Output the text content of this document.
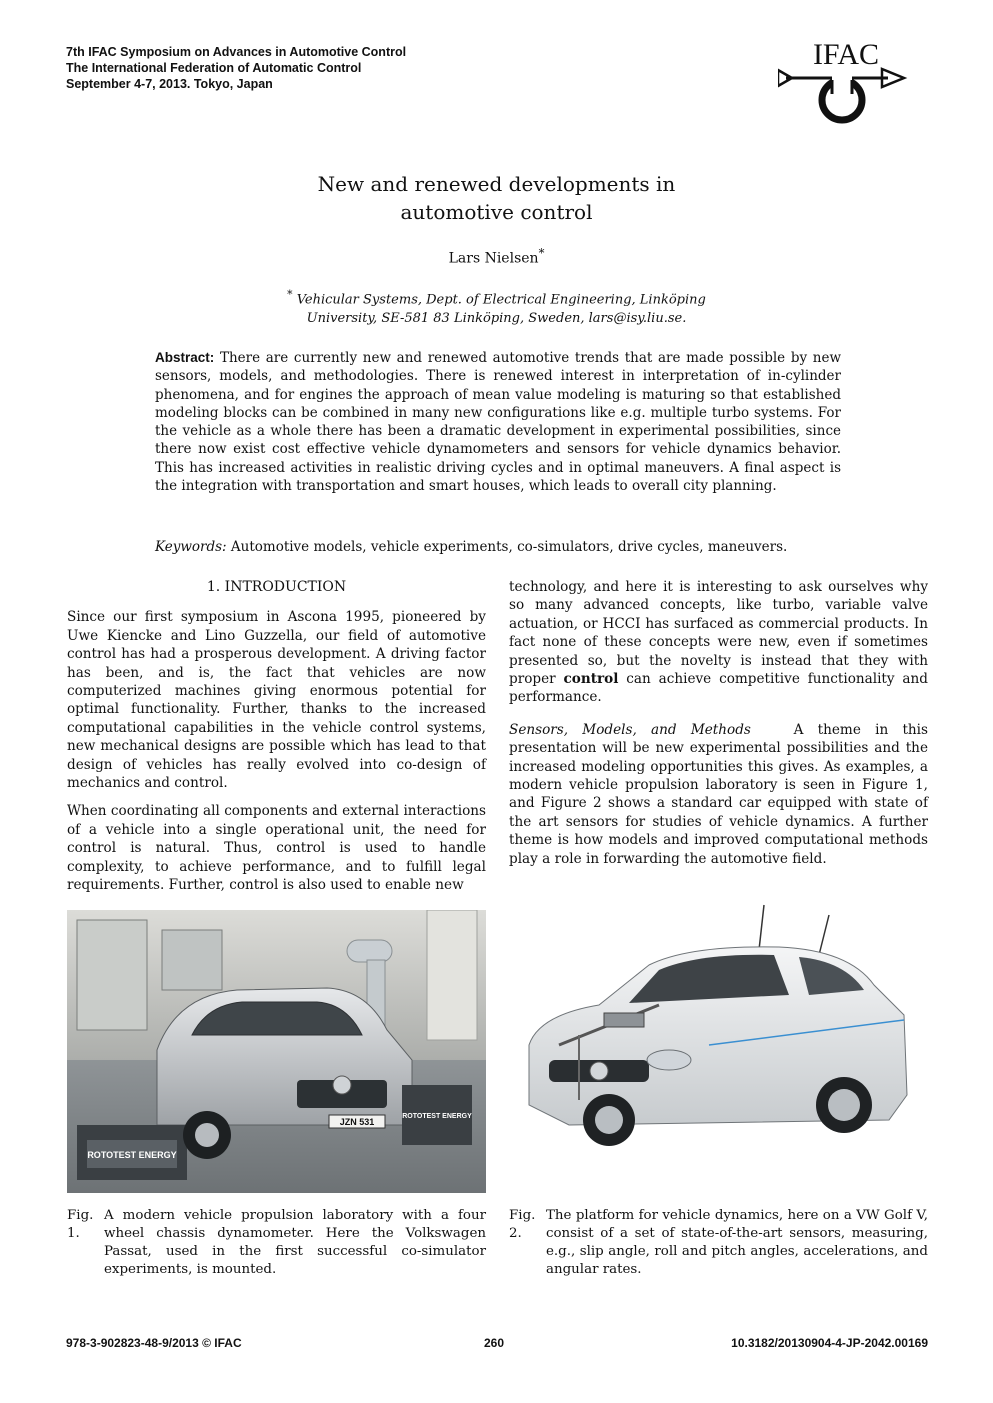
7th IFAC Symposium on Advances in Automotive Control
The International Federation of Automatic Control
September 4-7, 2013. Tokyo, Japan
IFAC
New and renewed developments in
automotive control
Lars Nielsen*
* Vehicular Systems, Dept. of Electrical Engineering, Linköping
University, SE-581 83 Linköping, Sweden, lars@isy.liu.se.
Abstract: There are currently new and renewed automotive trends that are made possible by new sensors, models, and methodologies. There is renewed interest in interpretation of in-cylinder phenomena, and for engines the approach of mean value modeling is maturing so that established modeling blocks can be combined in many new configurations like e.g. multiple turbo systems. For the vehicle as a whole there has been a dramatic development in experimental possibilities, since there now exist cost effective vehicle dynamometers and sensors for vehicle dynamics behavior. This has increased activities in realistic driving cycles and in optimal maneuvers. A final aspect is the integration with transportation and smart houses, which leads to overall city planning.
Keywords: Automotive models, vehicle experiments, co-simulators, drive cycles, maneuvers.
1. INTRODUCTION

Since our first symposium in Ascona 1995, pioneered by Uwe Kiencke and Lino Guzzella, our field of automotive control has had a prosperous development. A driving factor has been, and is, the fact that vehicles are now computerized machines giving enormous potential for optimal functionality. Further, thanks to the increased computational capabilities in the vehicle control systems, new mechanical designs are possible which has lead to that design of vehicles has really evolved into co-design of mechanics and control.

When coordinating all components and external interactions of a vehicle into a single operational unit, the need for control is natural. Thus, control is used to handle complexity, to achieve performance, and to fulfill legal requirements. Further, control is also used to enable new

technology, and here it is interesting to ask ourselves why so many advanced concepts, like turbo, variable valve actuation, or HCCI has surfaced as commercial products. In fact none of these concepts were new, even if sometimes presented so, but the novelty is instead that they with proper control can achieve competitive functionality and performance.

Sensors, Models, and Methods	A theme in this presentation will be new experimental possibilities and the increased modeling opportunities this gives. As examples, a modern vehicle propulsion laboratory is seen in Figure 1, and Figure 2 shows a standard car equipped with state of the art sensors for studies of vehicle dynamics. A further theme is how models and improved computational methods play a role in forwarding the automotive field.

JZN 531
ROTOTEST ENERGY
ROTOTEST ENERGY
Fig. 1.
A modern vehicle propulsion laboratory with a four wheel chassis dynamometer. Here the Volkswagen Passat, used in the first successful co-simulator experiments, is mounted.
Fig. 2.
The platform for vehicle dynamics, here on a VW Golf V, consist of a set of state-of-the-art sensors, measuring, e.g., slip angle, roll and pitch angles, accelerations, and angular rates.
978-3-902823-48-9/2013 © IFAC	260	10.3182/20130904-4-JP-2042.00169
